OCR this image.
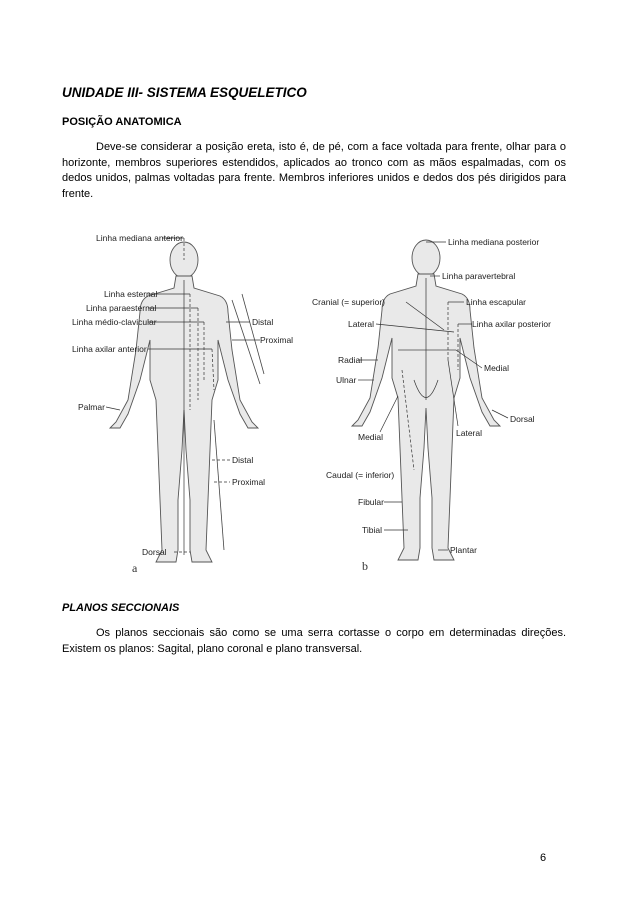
UNIDADE III- SISTEMA ESQUELETICO
POSIÇÃO ANATOMICA
Deve-se considerar a posição ereta, isto é, de pé, com a face voltada para frente, olhar para o horizonte, membros superiores estendidos, aplicados ao tronco com as mãos espalmadas, com os dedos unidos, palmas voltadas para frente. Membros inferiores unidos e dedos dos pés dirigidos para frente.
Linha mediana anterior
Linha esternal
Linha paraesternal
Linha médio-clavicular
Linha axilar anterior
Distal
Proximal
Palmar
Distal
Proximal
Dorsal
a
Linha mediana posterior
Linha paravertebral
Cranial (= superior)	Linha escapular
Lateral	Linha axilar posterior
Radial
Medial
Ulnar
Dorsal
Lateral
Medial
Caudal (= inferior)
Fibular
Tibial
Plantar
b
PLANOS SECCIONAIS
Os planos seccionais são como se uma serra cortasse o corpo em determinadas direções. Existem os planos: Sagital, plano coronal e plano transversal.
6
